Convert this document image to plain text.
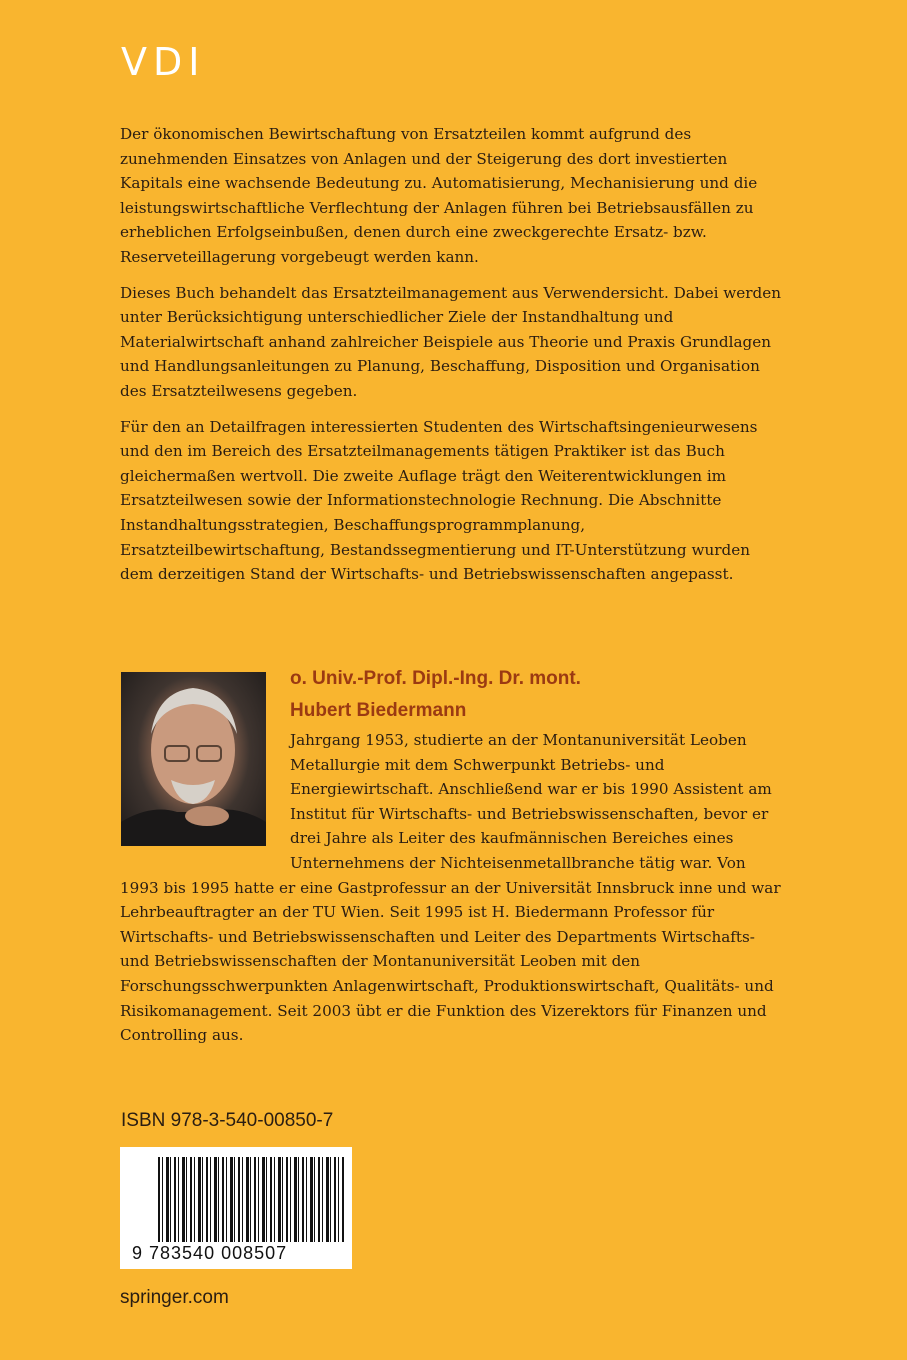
VDI

Der ökonomischen Bewirtschaftung von Ersatzteilen kommt aufgrund des zunehmenden Einsatzes von Anlagen und der Steigerung des dort investierten Kapitals eine wachsende Bedeutung zu. Automatisierung, Mechanisierung und die leistungswirtschaftliche Verflechtung der Anlagen führen bei Betriebsausfällen zu erheblichen Erfolgseinbußen, denen durch eine zweckgerechte Ersatz- bzw. Reserveteillagerung vorgebeugt werden kann.

Dieses Buch behandelt das Ersatzteilmanagement aus Verwendersicht. Dabei werden unter Berücksichtigung unterschiedlicher Ziele der Instandhaltung und Materialwirtschaft anhand zahlreicher Beispiele aus Theorie und Praxis Grundlagen und Handlungsanleitungen zu Planung, Beschaffung, Disposition und Organisation des Ersatzteilwesens gegeben.

Für den an Detailfragen interessierten Studenten des Wirtschaftsingenieurwesens und den im Bereich des Ersatzteilmanagements tätigen Praktiker ist das Buch gleichermaßen wertvoll. Die zweite Auflage trägt den Weiterentwicklungen im Ersatzteilwesen sowie der Informationstechnologie Rechnung. Die Abschnitte Instandhaltungsstrategien, Beschaffungsprogrammplanung, Ersatzteilbewirtschaftung, Bestandssegmentierung und IT-Unterstützung wurden dem derzeitigen Stand der Wirtschafts- und Betriebswissenschaften angepasst.

o. Univ.-Prof. Dipl.-Ing. Dr. mont.
Hubert Biedermann
Jahrgang 1953, studierte an der Montanuniversität Leoben Metallurgie mit dem Schwerpunkt Betriebs- und Energiewirtschaft. Anschließend war er bis 1990 Assistent am Institut für Wirtschafts- und Betriebswissenschaften, bevor er drei Jahre als Leiter des kaufmännischen Bereiches eines Unternehmens der Nichteisenmetallbranche tätig war. Von 1993 bis 1995 hatte er eine Gastprofessur an der Universität Innsbruck inne und war Lehrbeauftragter an der TU Wien. Seit 1995 ist H. Biedermann Professor für Wirtschafts- und Betriebswissenschaften und Leiter des Departments Wirtschafts- und Betriebswissenschaften der Montanuniversität Leoben mit den Forschungsschwerpunkten Anlagenwirtschaft, Produktionswirtschaft, Qualitäts- und Risikomanagement. Seit 2003 übt er die Funktion des Vizerektors für Finanzen und Controlling aus.
ISBN 978-3-540-00850-7
9 783540 008507
springer.com
